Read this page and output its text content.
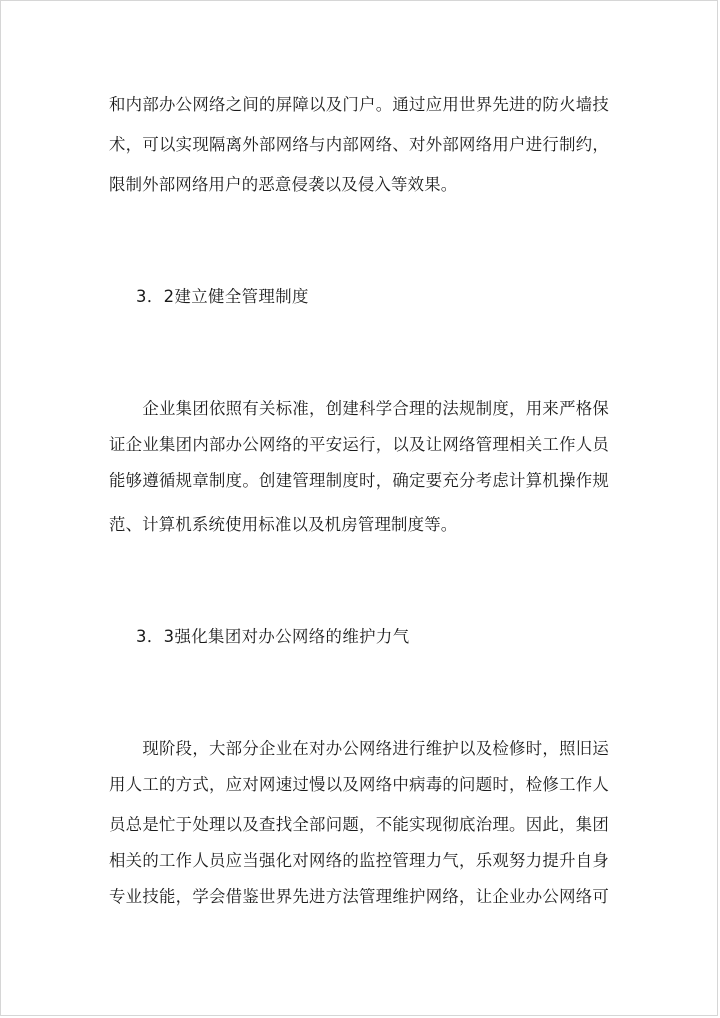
和内部办公网络之间的屏障以及门户。通过应用世界先进的防火墙技
术，可以实现隔离外部网络与内部网络、对外部网络用户进行制约，
限制外部网络用户的恶意侵袭以及侵入等效果。
3．2建立健全管理制度
　　企业集团依照有关标准，创建科学合理的法规制度，用来严格保
证企业集团内部办公网络的平安运行，以及让网络管理相关工作人员
能够遵循规章制度。创建管理制度时，确定要充分考虑计算机操作规
范、计算机系统使用标准以及机房管理制度等。
3．3强化集团对办公网络的维护力气
　　现阶段，大部分企业在对办公网络进行维护以及检修时，照旧运
用人工的方式，应对网速过慢以及网络中病毒的问题时，检修工作人
员总是忙于处理以及查找全部问题，不能实现彻底治理。因此，集团
相关的工作人员应当强化对网络的监控管理力气，乐观努力提升自身
专业技能，学会借鉴世界先进方法管理维护网络，让企业办公网络可
